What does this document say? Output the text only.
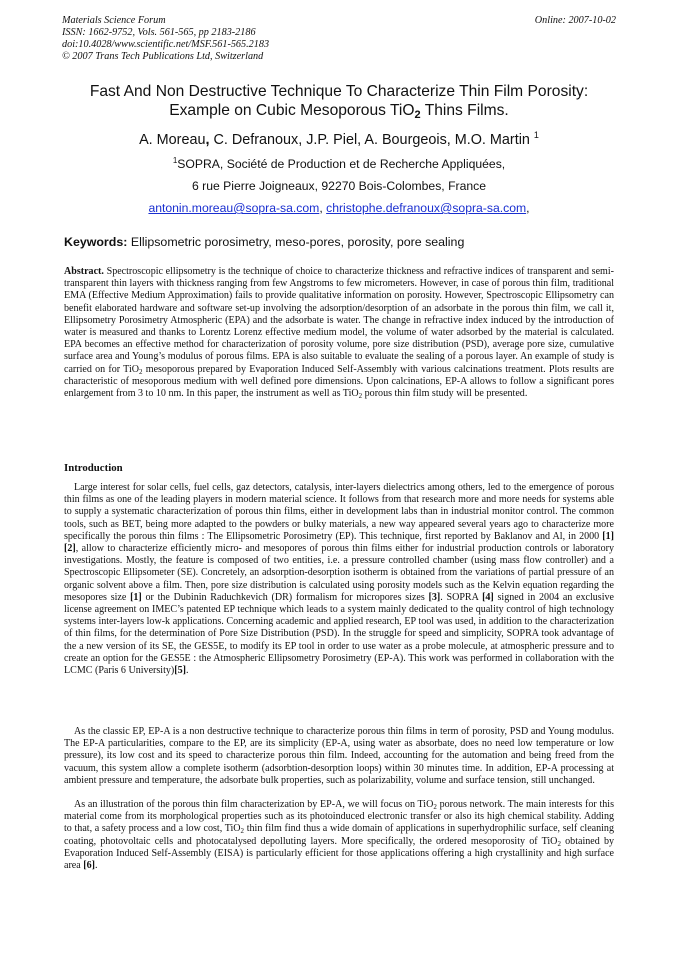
Materials Science Forum
ISSN: 1662-9752, Vols. 561-565, pp 2183-2186
doi:10.4028/www.scientific.net/MSF.561-565.2183
© 2007 Trans Tech Publications Ltd, Switzerland
Online: 2007-10-02
Fast And Non Destructive Technique To Characterize Thin Film Porosity:
Example on Cubic Mesoporous TiO$_2$ Thins Films.
A. Moreau, C. Defranoux, J.P. Piel, A. Bourgeois, M.O. Martin $^1$
$^1$SOPRA, Société de Production et de Recherche Appliquées,
6 rue Pierre Joigneaux, 92270 Bois-Colombes, France
antonin.moreau@sopra-sa.com, christophe.defranoux@sopra-sa.com,
Keywords: Ellipsometric porosimetry, meso-pores, porosity, pore sealing
Abstract. Spectroscopic ellipsometry is the technique of choice to characterize thickness and refractive indices of transparent and semi-transparent thin layers with thickness ranging from few Angstroms to few micrometers. However, in case of porous thin film, traditional EMA (Effective Medium Approximation) fails to provide qualitative information on porosity. However, Spectroscopic Ellipsometry can benefit elaborated hardware and software set-up involving the adsorption/desorption of an adsorbate in the porous thin film, we call it, Ellipsometry Porosimetry Atmospheric (EPA) and the adsorbate is water. The change in refractive index induced by the introduction of water is measured and thanks to Lorentz Lorenz effective medium model, the volume of water adsorbed by the material is calculated. EPA becomes an effective method for characterization of porosity volume, pore size distribution (PSD), average pore size, cumulative surface area and Young’s modulus of porous films. EPA is also suitable to evaluate the sealing of a porous layer. An example of study is carried on for TiO$_2$ mesoporous prepared by Evaporation Induced Self-Assembly with various calcinations treatment. Plots results are characteristic of mesoporous medium with well defined pore dimensions. Upon calcinations, EP-A allows to follow a significant pores enlargement from 3 to 10 nm. In this paper, the instrument as well as TiO$_2$ porous thin film study will be presented.
Introduction
Large interest for solar cells, fuel cells, gaz detectors, catalysis, inter-layers dielectrics among others, led to the emergence of porous thin films as one of the leading players in modern material science. It follows from that research more and more needs for systems able to supply a systematic characterization of porous thin films, either in development labs than in industrial monitor control. The common tools, such as BET, being more adapted to the powders or bulky materials, a new way appeared several years ago to characterize more specifically the porous thin films : The Ellipsometric Porosimetry (EP). This technique, first reported by Baklanov and Al, in 2000 [1][2], allow to characterize efficiently micro- and mesopores of porous thin films either for industrial production controls or laboratory investigations. Mostly, the feature is composed of two entities, i.e. a pressure controlled chamber (using mass flow controller) and a Spectroscopic Ellipsometer (SE). Concretely, an adsorption-desorption isotherm is obtained from the variations of partial pressure of an organic solvent above a film. Then, pore size distribution is calculated using porosity models such as the Kelvin equation regarding the mesopores size [1] or the Dubinin Raduchkevich (DR) formalism for micropores sizes [3]. SOPRA [4] signed in 2004 an exclusive license agreement on IMEC’s patented EP technique which leads to a system mainly dedicated to the quality control of high technology systems inter-layers low-k applications. Concerning academic and applied research, EP tool was used, in addition to the characterization of thin films, for the determination of Pore Size Distribution (PSD). In the struggle for speed and simplicity, SOPRA took advantage of the a new version of its SE, the GES5E, to modify its EP tool in order to use water as a probe molecule, at atmospheric pressure and to create an option for the GES5E : the Atmospheric Ellipsometry Porosimetry (EP-A). This work was performed in collaboration with the LCMC (Paris 6 University)[5].
As the classic EP, EP-A is a non destructive technique to characterize porous thin films in term of porosity, PSD and Young modulus. The EP-A particularities, compare to the EP, are its simplicity (EP-A, using water as absorbate, does no need low temperature or low pressure), its low cost and its speed to characterize porous thin film. Indeed, accounting for the automation and being freed from the vacuum, this system allow a complete isotherm (adsorbtion-desorption loops) within 30 minutes time. In addition, EP-A processing at ambient pressure and temperature, the adsorbate bulk properties, such as polarizability, volume and surface tension, still unchanged.
As an illustration of the porous thin film characterization by EP-A, we will focus on TiO$_2$ porous network. The main interests for this material come from its morphological properties such as its photoinduced electronic transfer or also its high chemical stability. Adding to that, a safety process and a low cost, TiO$_2$ thin film find thus a wide domain of applications in superhydrophilic surface, self cleaning coating, photovoltaic cells and photocatalysed depolluting layers. More specifically, the ordered mesoporosity of TiO$_2$ obtained by Evaporation Induced Self-Assembly (EISA) is particularly efficient for those applications offering a high crystallinity and high surface area [6].
